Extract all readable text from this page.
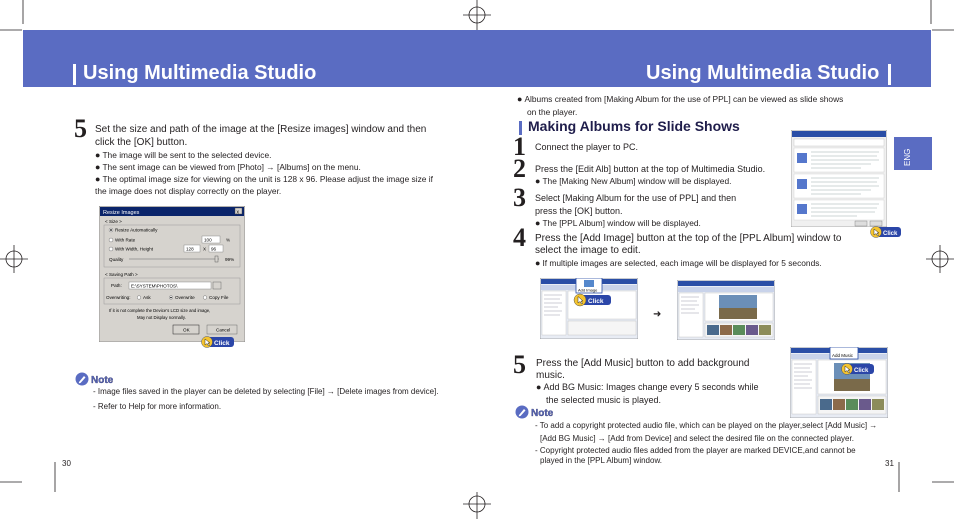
Using Multimedia Studio	Using Multimedia Studio
5 Set the size and path of the image at the [Resize images] window and then click the [OK] button.
● The image will be sent to the selected device.
● The sent image can be viewed from [Photo] → [Albums] on the menu.
● The optimal image size for viewing on the unit is 128 x 96. Please adjust the image size if the image does not display correctly on the player.
Resize Images	x
< Size >
Resize Automatically
With Rate	100	%
With Width, Height	128 X 96
Quality	99%
< Saving Path >
Path: E:\SYSTEM\PHOTOS\
Overwriting:	Ask	Overwrite	Copy File
If it is not complete the Device's LCD size and image,
May not Display normally.
OK	Cancel
Click
Note
- Image files saved in the player can be deleted by selecting [File] → [Delete images from device].
- Refer to Help for more information.
30
● Albums created from [Making Album for the use of PPL] can be viewed as slide shows
on the player.
Making Albums for Slide Shows
1 Connect the player to PC.
2 Press the [Edit Alb] button at the top of Multimedia Studio.
● The [Making New Album] window will be displayed.
3 Select [Making Album for the use of PPL] and then
press the [OK] button.
● The [PPL Album] window will be displayed.
Click
4 Press the [Add Image] button at the top of the [PPL Album] window to
select the image to edit.
● If multiple images are selected, each image will be displayed for 5 seconds.
Add Image
Click
➜
5 Press the [Add Music] button to add background
music.
● Add BG Music: Images change every 5 seconds while
the selected music is played.
Add Music
Click
Note
- To add a copyright protected audio file, which can be played on the player,select [Add Music] →
[Add BG Music] → [Add from Device] and select the desired file on the connected player.
- Copyright protected audio files added from the player are marked DEVICE,and cannot be
played in the [PPL Album] window.	31
ENG
